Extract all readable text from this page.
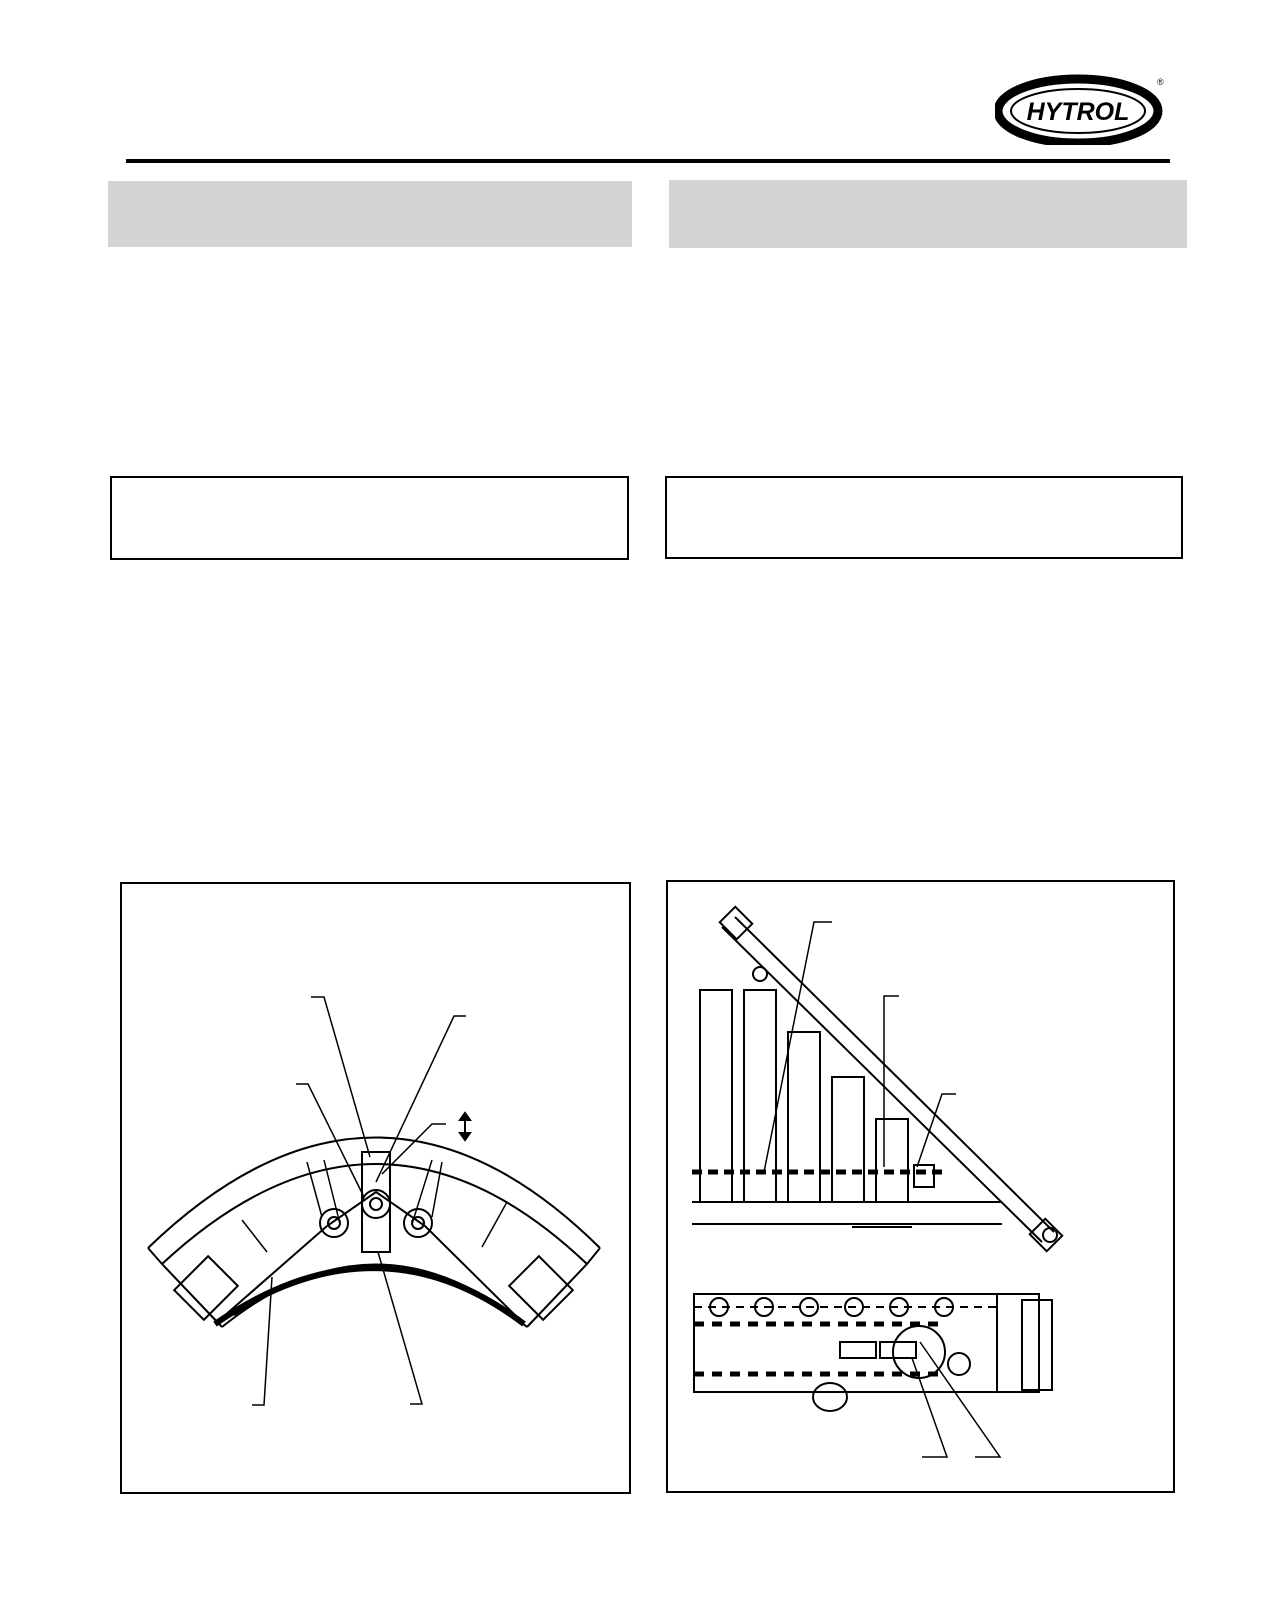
HYTROL
®
